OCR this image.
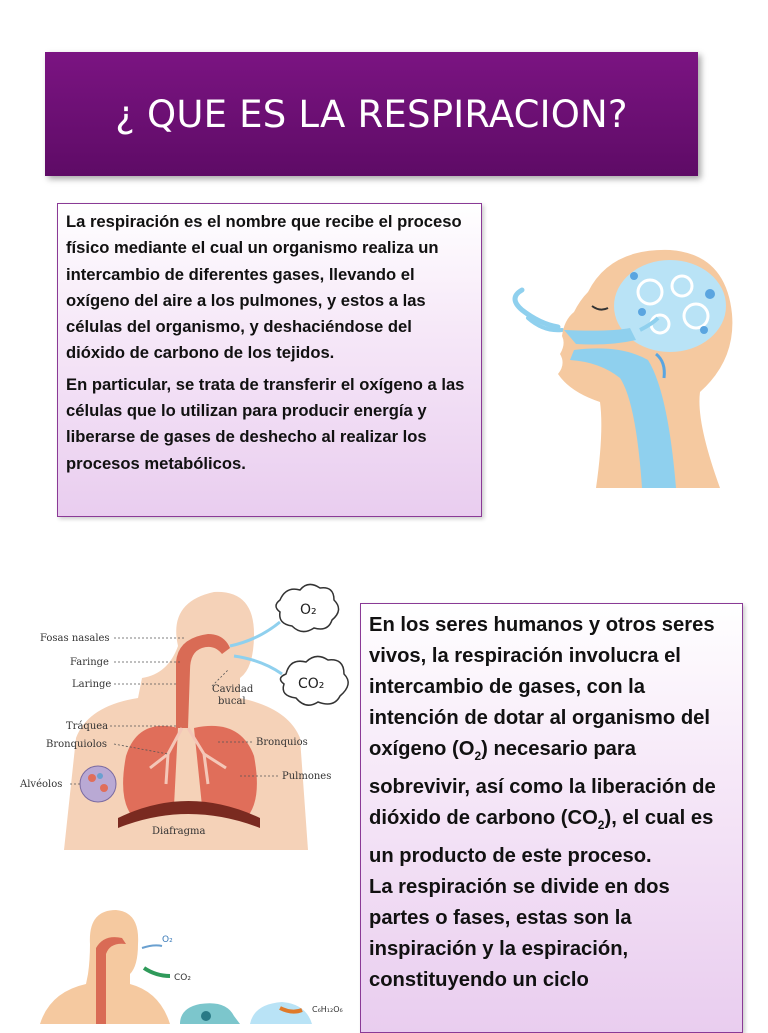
¿ QUE ES LA RESPIRACION?

La respiración es el nombre que recibe el proceso físico mediante el cual un organismo realiza un intercambio de diferentes gases, llevando el oxígeno del aire a los pulmones, y estos a las células del organismo, y deshaciéndose del dióxido de carbono de los tejidos.

En particular, se trata de transferir el oxígeno a las células que lo utilizan para producir energía y liberarse de gases de deshecho al realizar los procesos metabólicos.

O₂
CO₂
Fosas nasales
Faringe
Laringe
Tráquea
Bronquiolos
Alvéolos
Cavidad
bucal
Bronquios
Pulmones
Diafragma

En los seres humanos y otros seres vivos, la respiración involucra el intercambio de gases, con la intención de dotar al organismo del oxígeno $(O_2)$ necesario para sobrevivir, así como la liberación de dióxido de carbono $(CO_2)$, el cual es un producto de este proceso.

La respiración se divide en dos partes o fases, estas son la inspiración y la espiración, constituyendo un ciclo

O₂
CO₂
C₆H₁₂O₆
